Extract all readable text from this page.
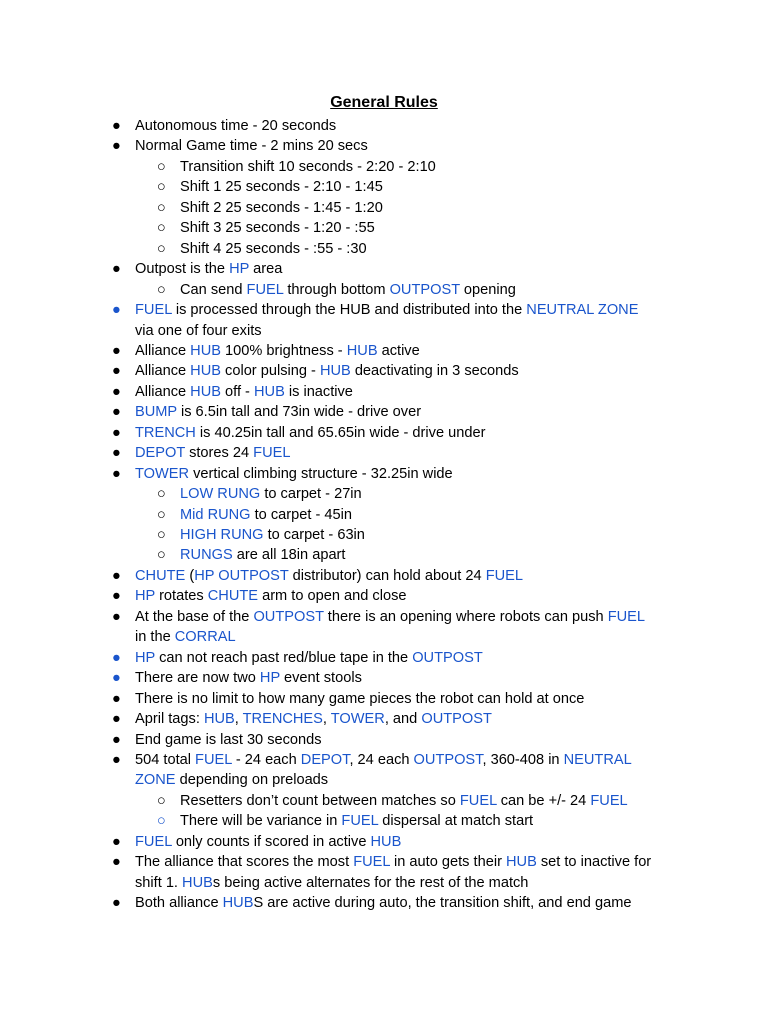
General Rules
● Autonomous time - 20 seconds
● Normal Game time - 2 mins 20 secs
○ Transition shift 10 seconds - 2:20 - 2:10
○ Shift 1 25 seconds - 2:10 - 1:45
○ Shift 2 25 seconds - 1:45 - 1:20
○ Shift 3 25 seconds - 1:20 - :55
○ Shift 4 25 seconds - :55 - :30
● Outpost is the HP area
○ Can send FUEL through bottom OUTPOST opening
● FUEL is processed through the HUB and distributed into the NEUTRAL ZONE
via one of four exits
● Alliance HUB 100% brightness - HUB active
● Alliance HUB color pulsing - HUB deactivating in 3 seconds
● Alliance HUB off - HUB is inactive
● BUMP is 6.5in tall and 73in wide - drive over
● TRENCH is 40.25in tall and 65.65in wide - drive under
● DEPOT stores 24 FUEL
● TOWER vertical climbing structure - 32.25in wide
○ LOW RUNG to carpet - 27in
○ Mid RUNG to carpet - 45in
○ HIGH RUNG to carpet - 63in
○ RUNGS are all 18in apart
● CHUTE (HP OUTPOST distributor) can hold about 24 FUEL
● HP rotates CHUTE arm to open and close
● At the base of the OUTPOST there is an opening where robots can push FUEL
in the CORRAL
● HP can not reach past red/blue tape in the OUTPOST
● There are now two HP event stools
● There is no limit to how many game pieces the robot can hold at once
● April tags: HUB, TRENCHES, TOWER, and OUTPOST
● End game is last 30 seconds
● 504 total FUEL - 24 each DEPOT, 24 each OUTPOST, 360-408 in NEUTRAL
ZONE depending on preloads
○ Resetters don’t count between matches so FUEL can be +/- 24 FUEL
○ There will be variance in FUEL dispersal at match start
● FUEL only counts if scored in active HUB
● The alliance that scores the most FUEL in auto gets their HUB set to inactive for
shift 1. HUBs being active alternates for the rest of the match
● Both alliance HUBS are active during auto, the transition shift, and end game
